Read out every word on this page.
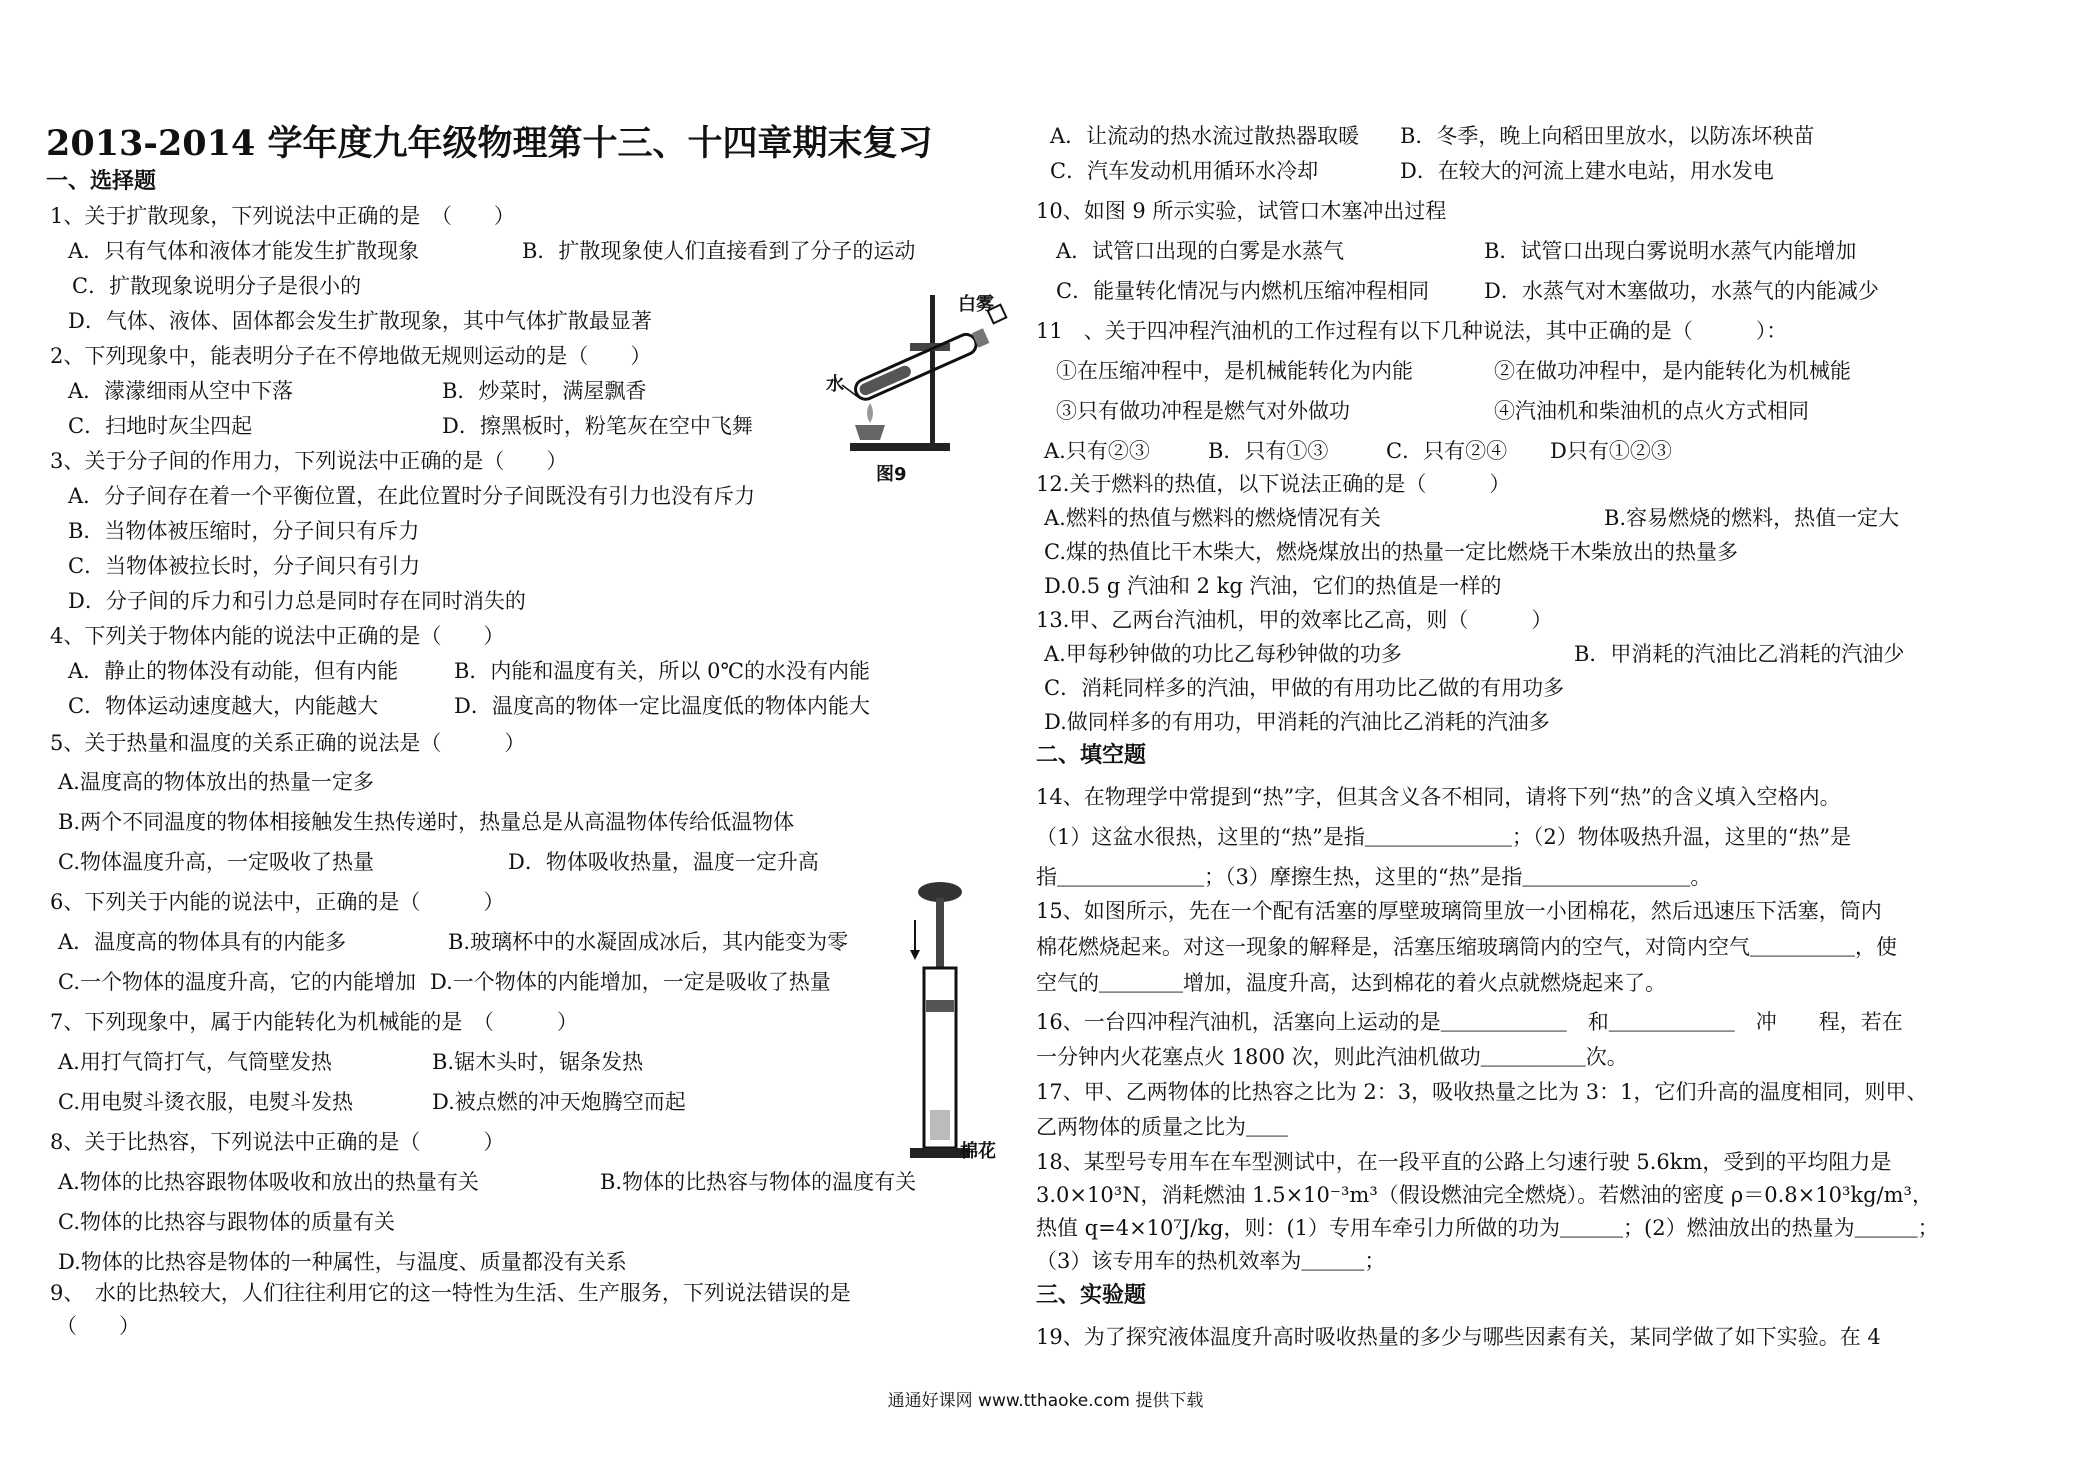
2013-2014 学年度九年级物理第十三、十四章期末复习
一、选择题
1、关于扩散现象，下列说法中正确的是　（　　）
A．只有气体和液体才能发生扩散现象	B．扩散现象使人们直接看到了分子的运动
C．扩散现象说明分子是很小的
D．气体、液体、固体都会发生扩散现象，其中气体扩散最显著
2、下列现象中，能表明分子在不停地做无规则运动的是（　　）
A．濛濛细雨从空中下落	B．炒菜时，满屋飘香
C．扫地时灰尘四起	D．擦黑板时，粉笔灰在空中飞舞
3、关于分子间的作用力，下列说法中正确的是（　　）
A．分子间存在着一个平衡位置，在此位置时分子间既没有引力也没有斥力
B．当物体被压缩时，分子间只有斥力
C．当物体被拉长时，分子间只有引力
D．分子间的斥力和引力总是同时存在同时消失的
4、下列关于物体内能的说法中正确的是（　　）
A．静止的物体没有动能，但有内能	B．内能和温度有关，所以 0℃的水没有内能
C．物体运动速度越大，内能越大	D．温度高的物体一定比温度低的物体内能大
5、关于热量和温度的关系正确的说法是（　　　）
A.温度高的物体放出的热量一定多
B.两个不同温度的物体相接触发生热传递时，热量总是从高温物体传给低温物体
C.物体温度升高，一定吸收了热量	D．物体吸收热量，温度一定升高
6、下列关于内能的说法中，正确的是（　　　）
A．温度高的物体具有的内能多	B.玻璃杯中的水凝固成冰后，其内能变为零
C.一个物体的温度升高，它的内能增加 D.一个物体的内能增加，一定是吸收了热量
7、下列现象中，属于内能转化为机械能的是　（　　　）
A.用打气筒打气，气筒壁发热	B.锯木头时，锯条发热
C.用电熨斗烫衣服，电熨斗发热	D.被点燃的冲天炮腾空而起
8、关于比热容，下列说法中正确的是（　　　）
A.物体的比热容跟物体吸收和放出的热量有关	B.物体的比热容与物体的温度有关
C.物体的比热容与跟物体的质量有关
D.物体的比热容是物体的一种属性，与温度、质量都没有关系
9、　水的比热较大，人们往往利用它的这一特性为生活、生产服务，下列说法错误的是
（　　）
白雾
水
图9
棉花
A．让流动的热水流过散热器取暖 B．冬季，晚上向稻田里放水，以防冻坏秧苗
C．汽车发动机用循环水冷却	D．在较大的河流上建水电站，用水发电
10、如图 9 所示实验，试管口木塞冲出过程
A．试管口出现的白雾是水蒸气	B．试管口出现白雾说明水蒸气内能增加
C．能量转化情况与内燃机压缩冲程相同	D．水蒸气对木塞做功，水蒸气的内能减少
11　、关于四冲程汽油机的工作过程有以下几种说法，其中正确的是（　　　）：
①在压缩冲程中，是机械能转化为内能	②在做功冲程中，是内能转化为机械能
③只有做功冲程是燃气对外做功	④汽油机和柴油机的点火方式相同
A.只有②③	B．只有①③	C．只有②④ D只有①②③
12.关于燃料的热值，以下说法正确的是（　　　）
A.燃料的热值与燃料的燃烧情况有关	B.容易燃烧的燃料，热值一定大
C.煤的热值比干木柴大，燃烧煤放出的热量一定比燃烧干木柴放出的热量多
D.0.5 g 汽油和 2 kg 汽油，它们的热值是一样的
13.甲、乙两台汽油机，甲的效率比乙高，则（　　　）
A.甲每秒钟做的功比乙每秒钟做的功多	B．甲消耗的汽油比乙消耗的汽油少
C．消耗同样多的汽油，甲做的有用功比乙做的有用功多
D.做同样多的有用功，甲消耗的汽油比乙消耗的汽油多
二、填空题
14、在物理学中常提到“热”字，但其含义各不相同，请将下列“热”的含义填入空格内。
（1）这盆水很热，这里的“热”是指＿＿＿＿＿＿＿；（2）物体吸热升温，这里的“热”是
指＿＿＿＿＿＿＿；（3）摩擦生热，这里的“热”是指＿＿＿＿＿＿＿＿。
15、如图所示，先在一个配有活塞的厚壁玻璃筒里放一小团棉花，然后迅速压下活塞，筒内
棉花燃烧起来。对这一现象的解释是，活塞压缩玻璃筒内的空气，对筒内空气＿＿＿＿＿，使
空气的＿＿＿＿增加，温度升高，达到棉花的着火点就燃烧起来了。
16、一台四冲程汽油机，活塞向上运动的是＿＿＿＿＿＿　和＿＿＿＿＿＿　冲　　程，若在
一分钟内火花塞点火 1800 次，则此汽油机做功＿＿＿＿＿次。
17、甲、乙两物体的比热容之比为 2：3，吸收热量之比为 3：1，它们升高的温度相同，则甲、
乙两物体的质量之比为＿＿
18、某型号专用车在车型测试中，在一段平直的公路上匀速行驶 5.6km，受到的平均阻力是
3.0×10³N，消耗燃油 1.5×10⁻³m³（假设燃油完全燃烧）。若燃油的密度 ρ＝0.8×10³kg/m³，
热值 q=4×10⁷J/kg，则：(1）专用车牵引力所做的功为＿＿＿；(2）燃油放出的热量为＿＿＿；
（3）该专用车的热机效率为＿＿＿；
三、实验题
19、为了探究液体温度升高时吸收热量的多少与哪些因素有关，某同学做了如下实验。在 4
通通好课网 www.tthaoke.com 提供下载
